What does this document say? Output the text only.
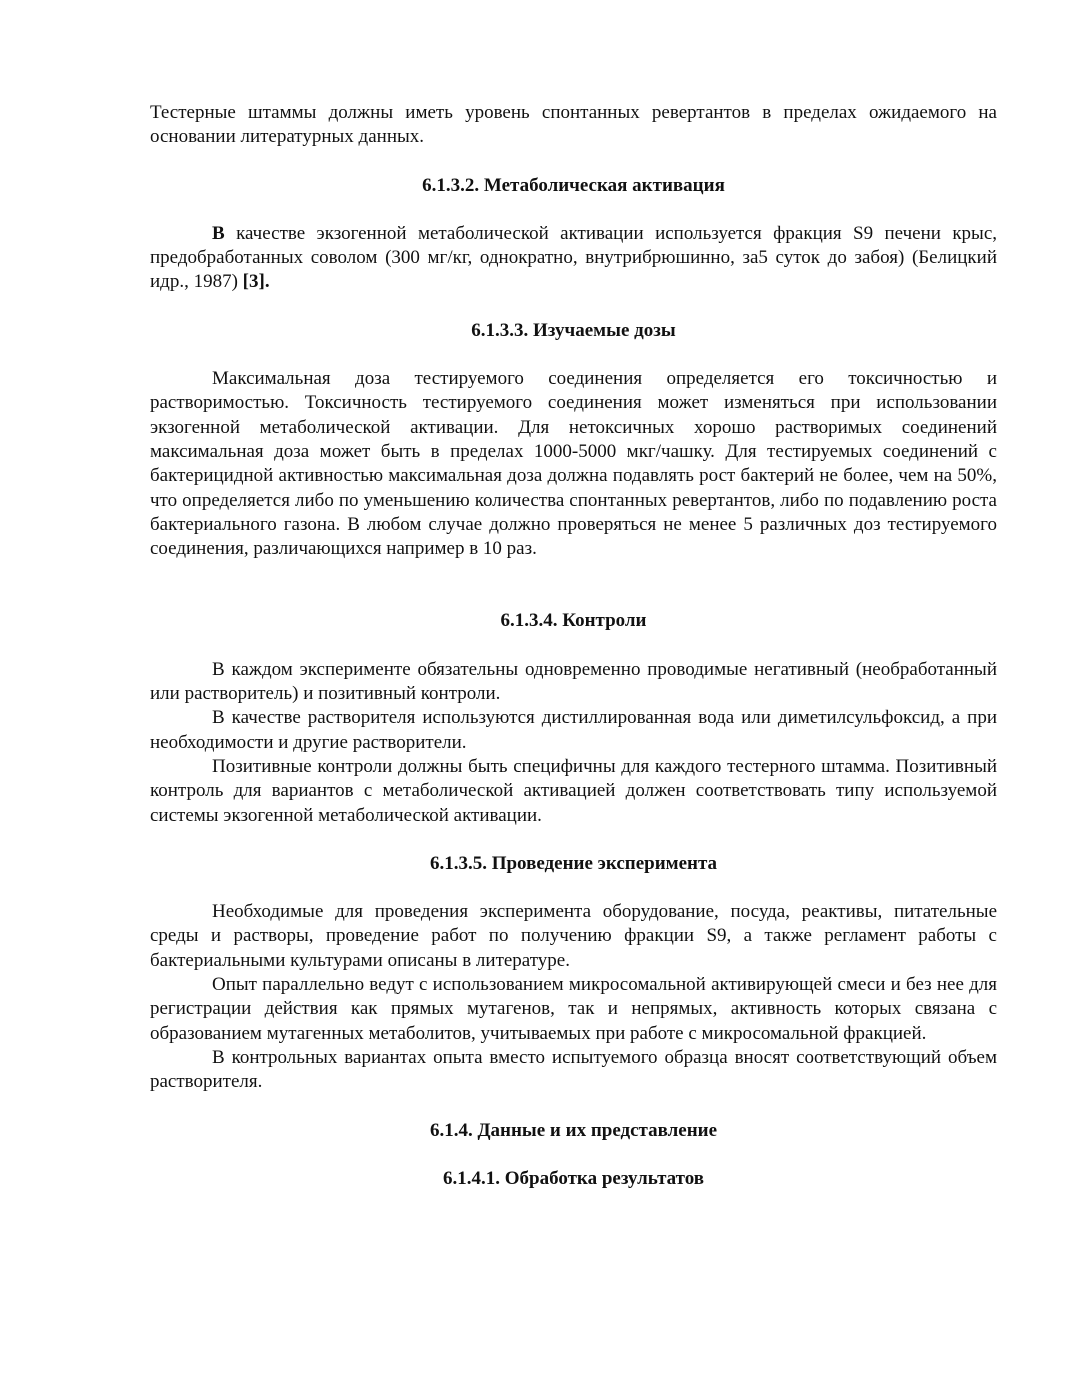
Тестерные штаммы должны иметь уровень спонтанных ревертантов в пределах ожидаемого на основании литературных данных.

6.1.3.2. Метаболическая активация

В качестве экзогенной метаболической активации используется фракция S9 печени крыс, предобработанных соволом (300 мг/кг, однократно, внутрибрюшинно, за5 суток до забоя) (Белицкий идр., 1987) [3].

6.1.3.3. Изучаемые дозы

Максимальная доза тестируемого соединения определяется его токсичностью и растворимостью. Токсичность тестируемого соединения может изменяться при использовании экзогенной метаболической активации. Для нетоксичных хорошо растворимых соединений максимальная доза может быть в пределах 1000-5000 мкг/чашку. Для тестируемых соединений с бактерицидной активностью максимальная доза должна подавлять рост бактерий не более, чем на 50%, что определяется либо по уменьшению количества спонтанных ревертантов, либо по подавлению роста бактериального газона. В любом случае должно проверяться не менее 5 различных доз тестируемого соединения, различающихся например в 10 раз.

6.1.3.4. Контроли

В каждом эксперименте обязательны одновременно проводимые негативный (необработанный или растворитель) и позитивный контроли.

В качестве растворителя используются дистиллированная вода или диметилсульфоксид, а при необходимости и другие растворители.

Позитивные контроли должны быть специфичны для каждого тестерного штамма. Позитивный контроль для вариантов с метаболической активацией должен соответствовать типу используемой системы экзогенной метаболической активации.

6.1.3.5. Проведение эксперимента

Необходимые для проведения эксперимента оборудование, посуда, реактивы, питательные среды и растворы, проведение работ по получению фракции S9, а также регламент работы с бактериальными культурами описаны в литературе.

Опыт параллельно ведут с использованием микросомальной активирующей смеси и без нее для регистрации действия как прямых мутагенов, так и непрямых, активность которых связана с образованием мутагенных метаболитов, учитываемых при работе с микросомальной фракцией.

В контрольных вариантах опыта вместо испытуемого образца вносят соответствующий объем растворителя.

6.1.4. Данные и их представление
6.1.4.1. Обработка результатов
